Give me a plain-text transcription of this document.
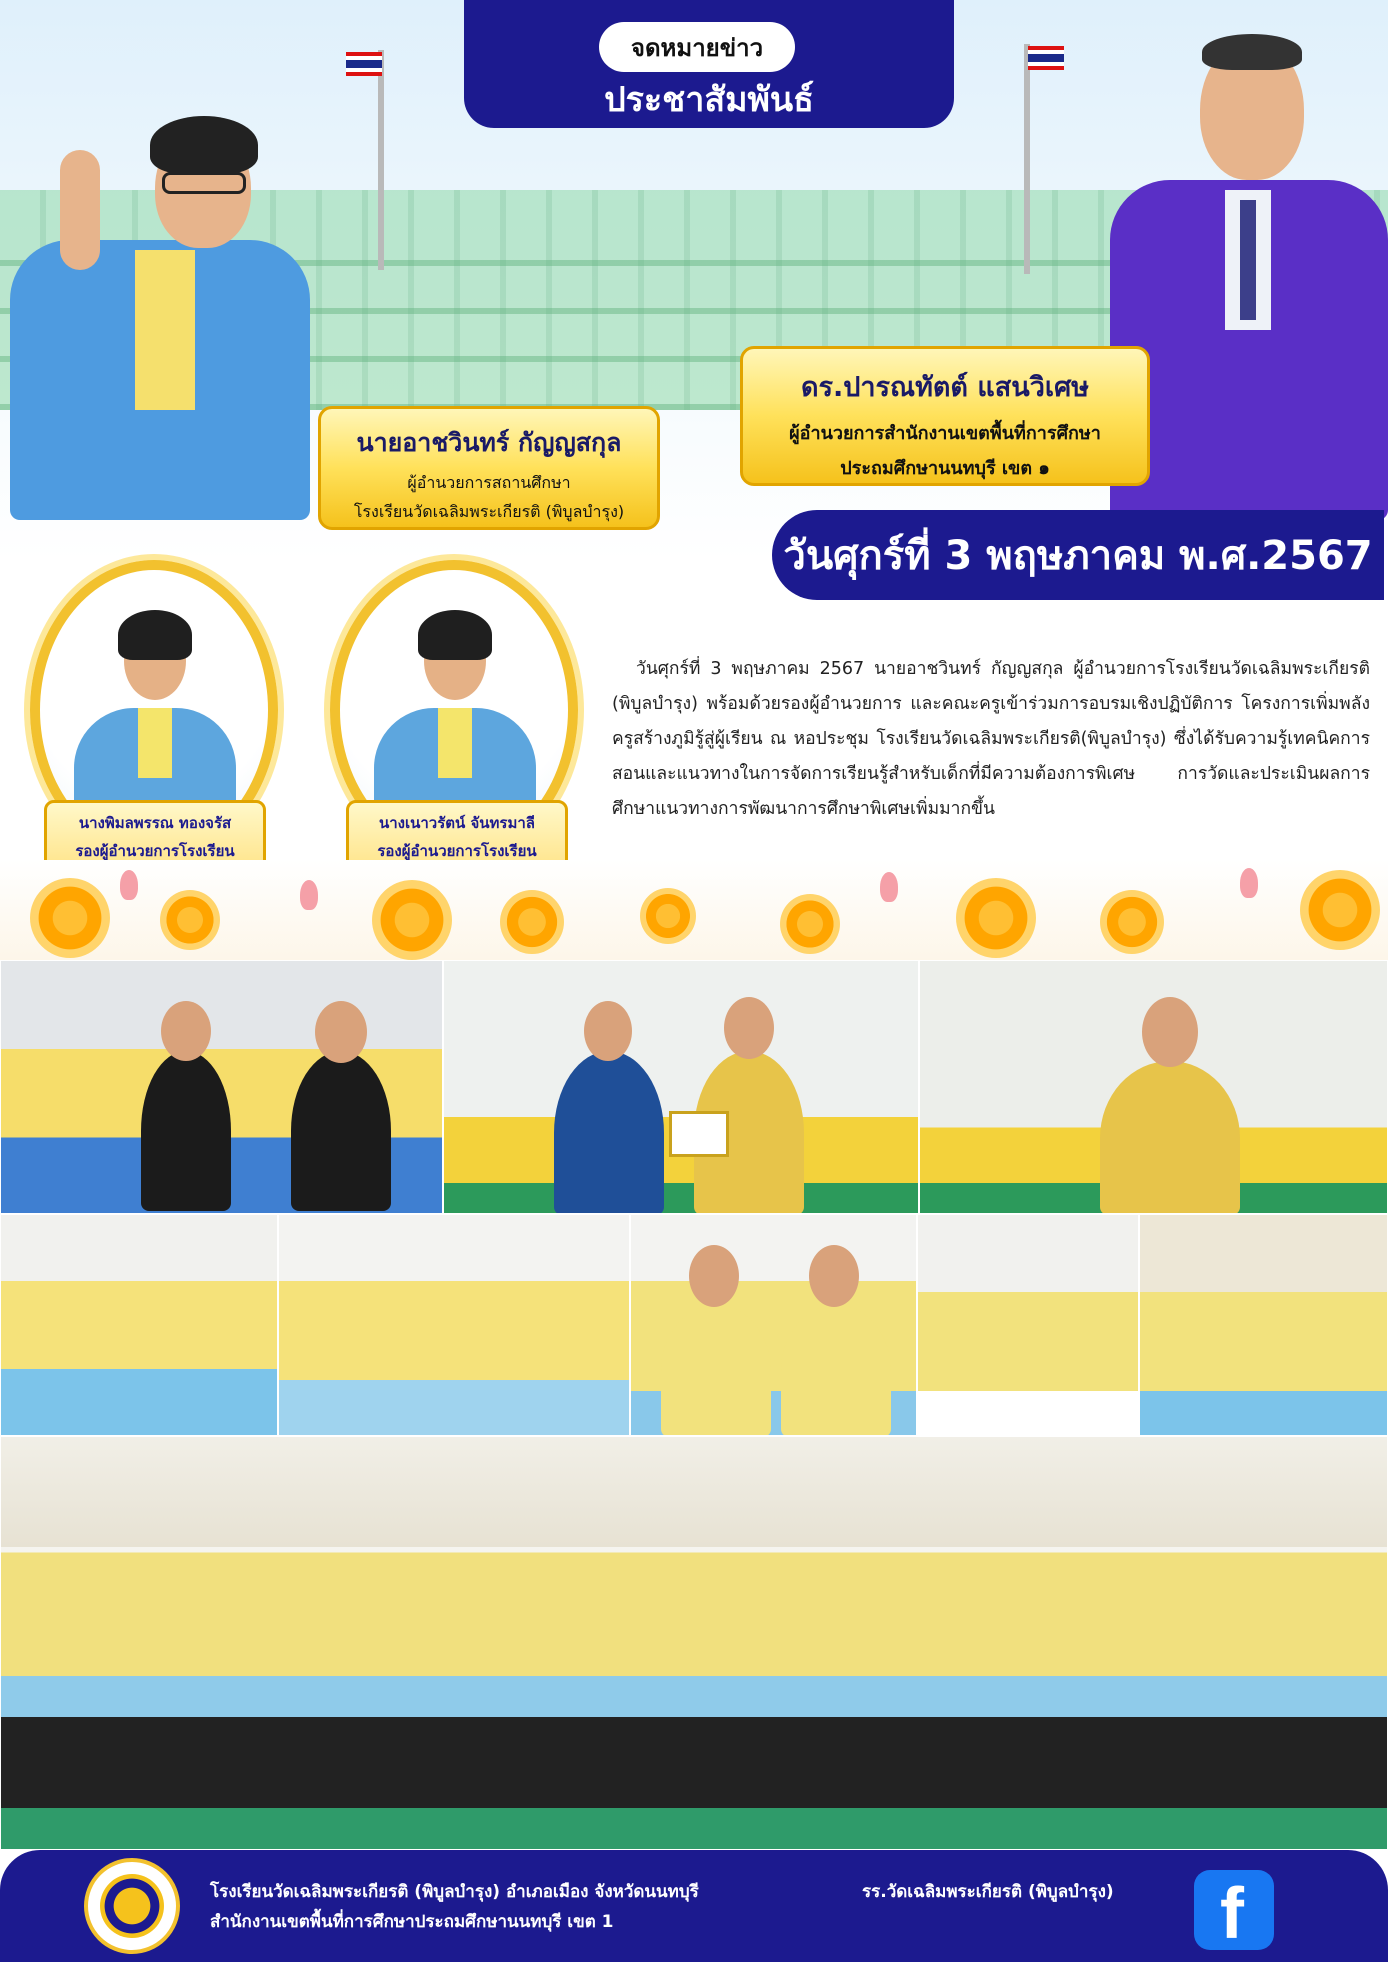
จดหมายข่าว
ประชาสัมพันธ์
นายอาชวินทร์ กัญญสกุล
ผู้อำนวยการสถานศึกษา
โรงเรียนวัดเฉลิมพระเกียรติ (พิบูลบำรุง)
ดร.ปารณทัตต์ แสนวิเศษ
ผู้อำนวยการสำนักงานเขตพื้นที่การศึกษา
ประถมศึกษานนทบุรี เขต ๑
วันศุกร์ที่ 3 พฤษภาคม พ.ศ.2567
นางพิมลพรรณ ทองจรัส
รองผู้อำนวยการโรงเรียน
นางเนาวรัตน์ จันทรมาลี
รองผู้อำนวยการโรงเรียน
วันศุกร์ที่ 3 พฤษภาคม 2567 นายอาชวินทร์ กัญญสกุล ผู้อำนวยการโรงเรียนวัดเฉลิมพระเกียรติ (พิบูลบำรุง) พร้อมด้วยรองผู้อำนวยการ และคณะครูเข้าร่วมการอบรมเชิงปฏิบัติการ โครงการเพิ่มพลังครูสร้างภูมิรู้สู่ผู้เรียน ณ หอประชุม โรงเรียนวัดเฉลิมพระเกียรติ(พิบูลบำรุง) ซึ่งได้รับความรู้เทคนิคการสอนและแนวทางในการจัดการเรียนรู้สำหรับเด็กที่มีความต้องการพิเศษ การวัดและประเมินผลการศึกษาแนวทางการพัฒนาการศึกษาพิเศษเพิ่มมากขึ้น
โรงเรียนวัดเฉลิมพระเกียรติ (พิบูลบำรุง) อำเภอเมือง จังหวัดนนทบุรี
สำนักงานเขตพื้นที่การศึกษาประถมศึกษานนทบุรี เขต 1
รร.วัดเฉลิมพระเกียรติ (พิบูลบำรุง)	f
